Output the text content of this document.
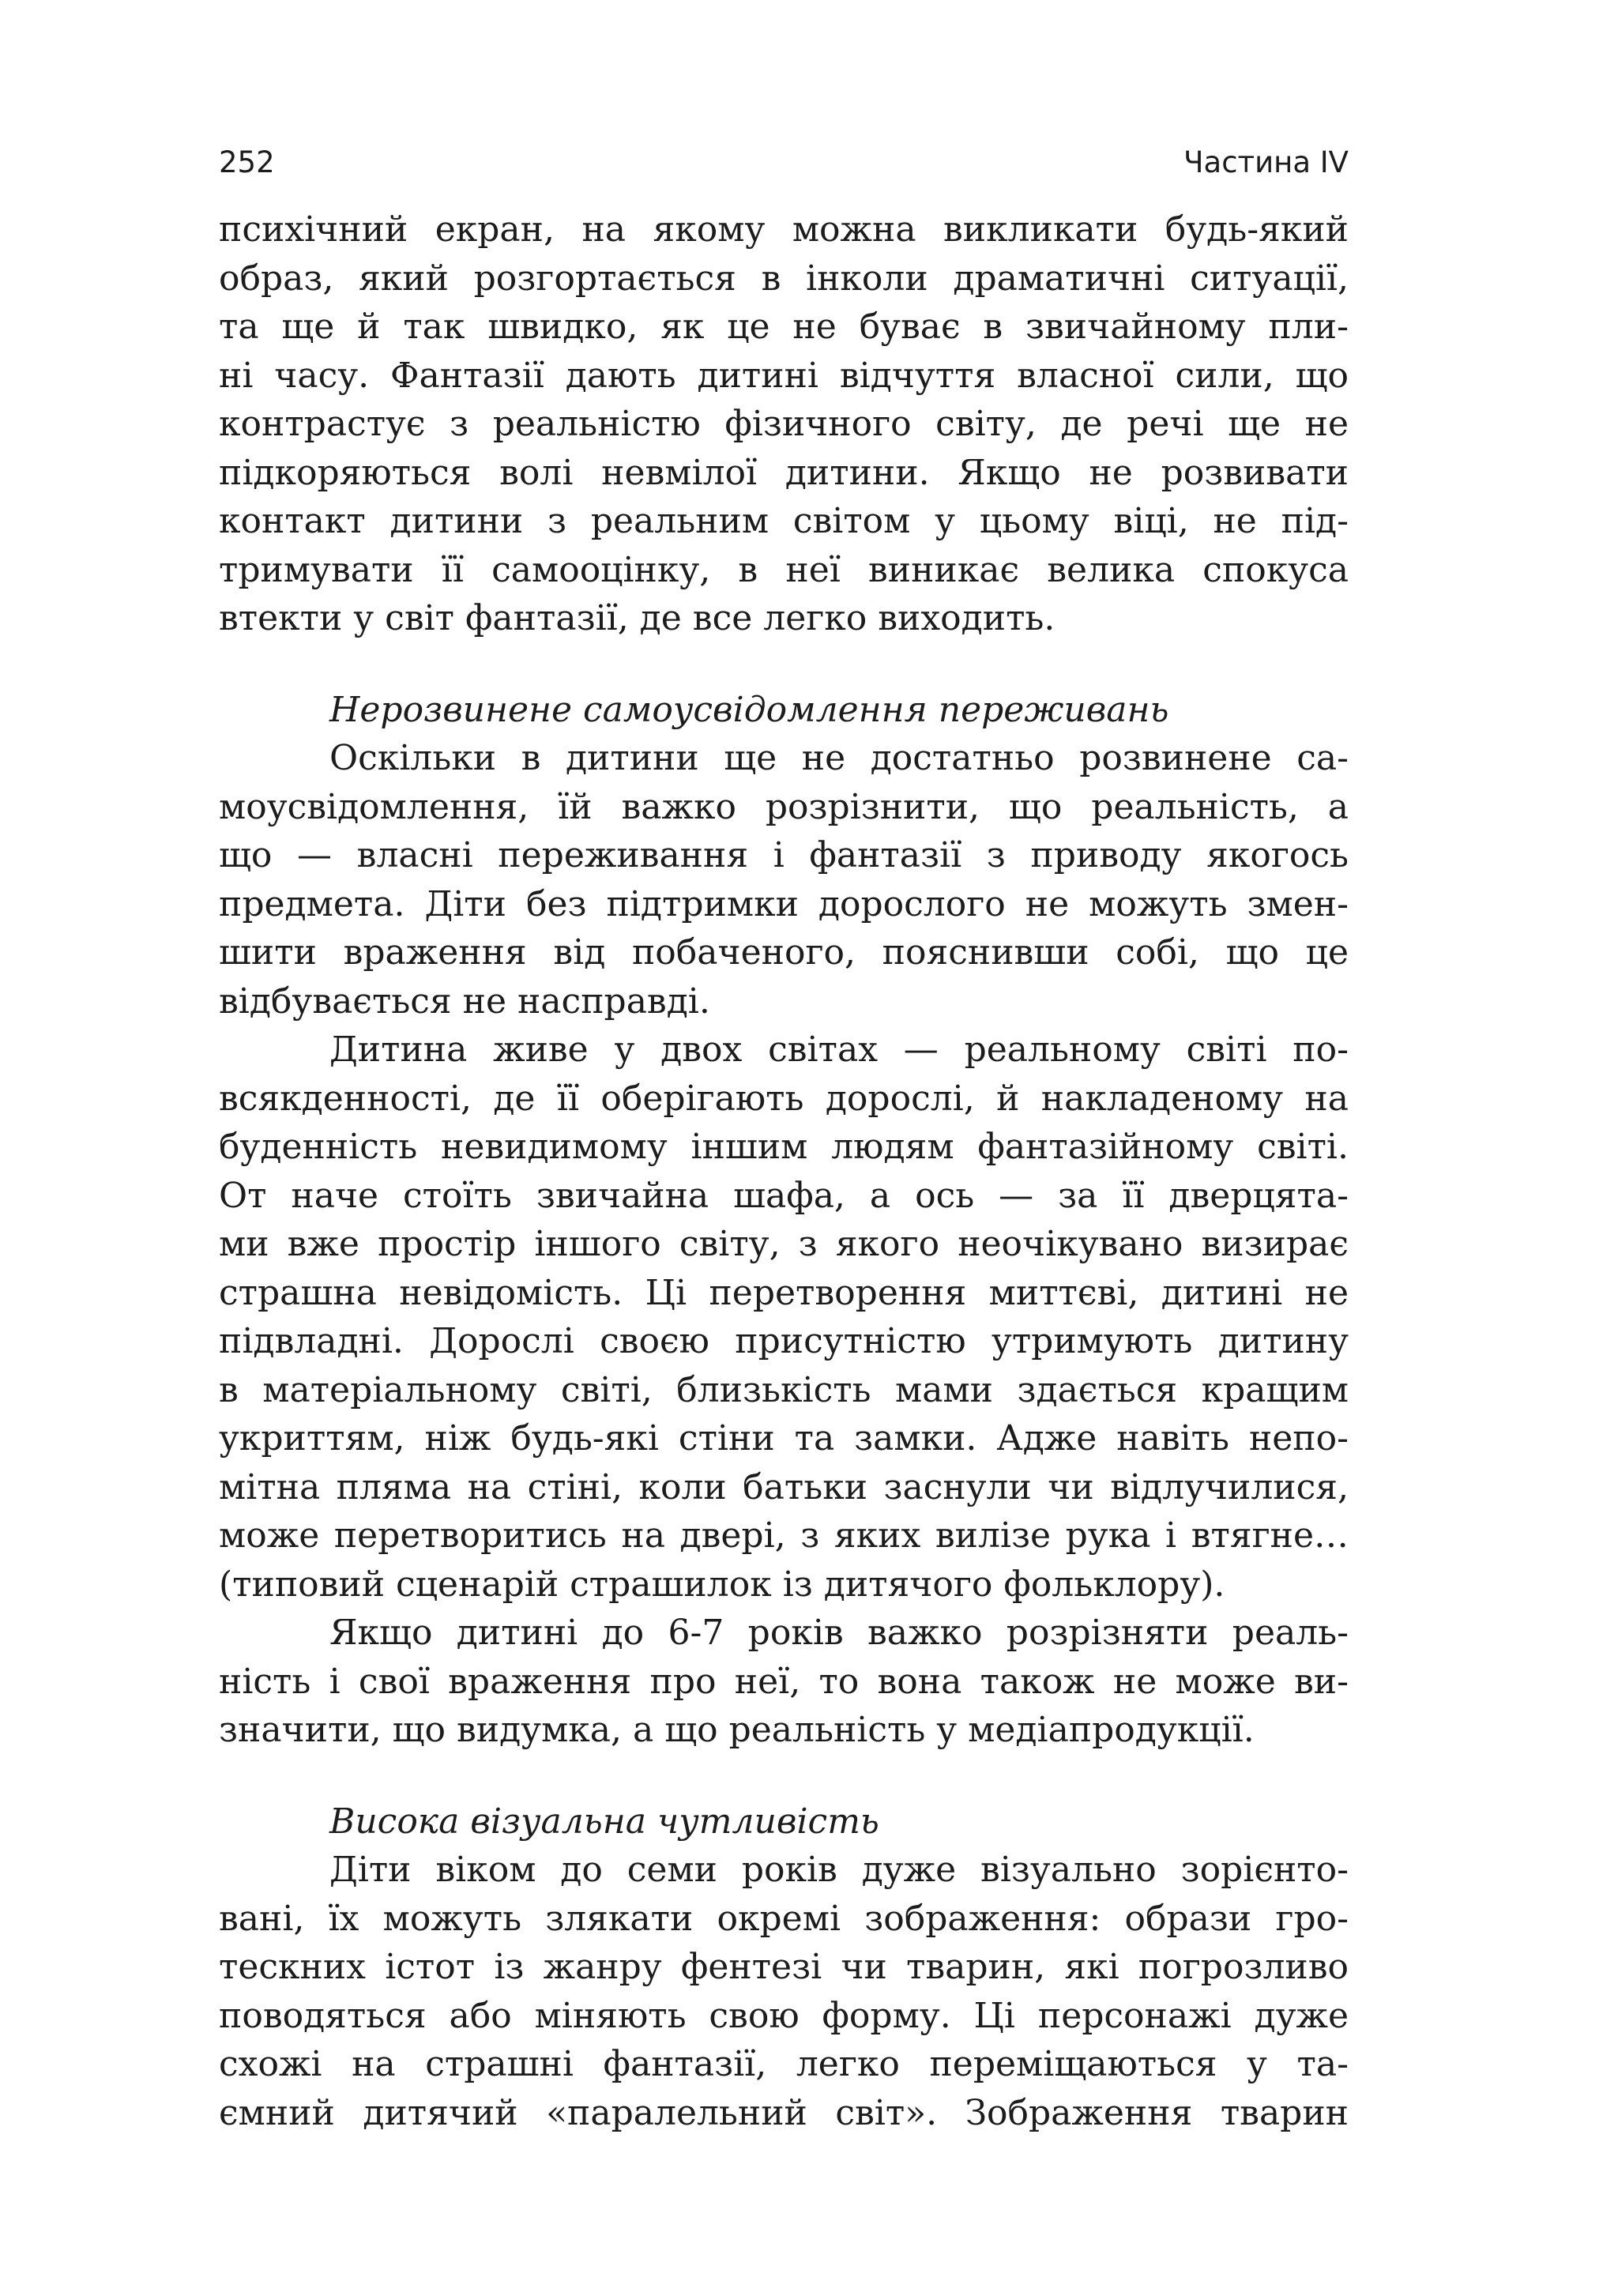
252	Частина IV
психічний екран, на якому можна викликати будь-який
образ, який розгортається в інколи драматичні ситуації,
та ще й так швидко, як це не буває в звичайному пли-
ні часу. Фантазії дають дитині відчуття власної сили, що
контрастує з реальністю фізичного світу, де речі ще не
підкоряються волі невмілої дитини. Якщо не розвивати
контакт дитини з реальним світом у цьому віці, не під-
тримувати її самооцінку, в неї виникає велика спокуса
втекти у світ фантазії, де все легко виходить.
Нерозвинене самоусвідомлення переживань
Оскільки в дитини ще не достатньо розвинене са-
моусвідомлення, їй важко розрізнити, що реальність, а
що — власні переживання і фантазії з приводу якогось
предмета. Діти без підтримки дорослого не можуть змен-
шити враження від побаченого, пояснивши собі, що це
відбувається не насправді.
Дитина живе у двох світах — реальному світі по-
всякденності, де її оберігають дорослі, й накладеному на
буденність невидимому іншим людям фантазійному світі.
От наче стоїть звичайна шафа, а ось — за її дверцята-
ми вже простір іншого світу, з якого неочікувано визирає
страшна невідомість. Ці перетворення миттєві, дитині не
підвладні. Дорослі своєю присутністю утримують дитину
в матеріальному світі, близькість мами здається кращим
укриттям, ніж будь-які стіни та замки. Адже навіть непо-
мітна пляма на стіні, коли батьки заснули чи відлучилися,
може перетворитись на двері, з яких вилізе рука і втягне…
(типовий сценарій страшилок із дитячого фольклору).
Якщо дитині до 6-7 років важко розрізняти реаль-
ність і свої враження про неї, то вона також не може ви-
значити, що видумка, а що реальність у медіапродукції.
Висока візуальна чутливість
Діти віком до семи років дуже візуально зорієнто-
вані, їх можуть злякати окремі зображення: образи гро-
тескних істот із жанру фентезі чи тварин, які погрозливо
поводяться або міняють свою форму. Ці персонажі дуже
схожі на страшні фантазії, легко переміщаються у та-
ємний дитячий «паралельний світ». Зображення тварин
